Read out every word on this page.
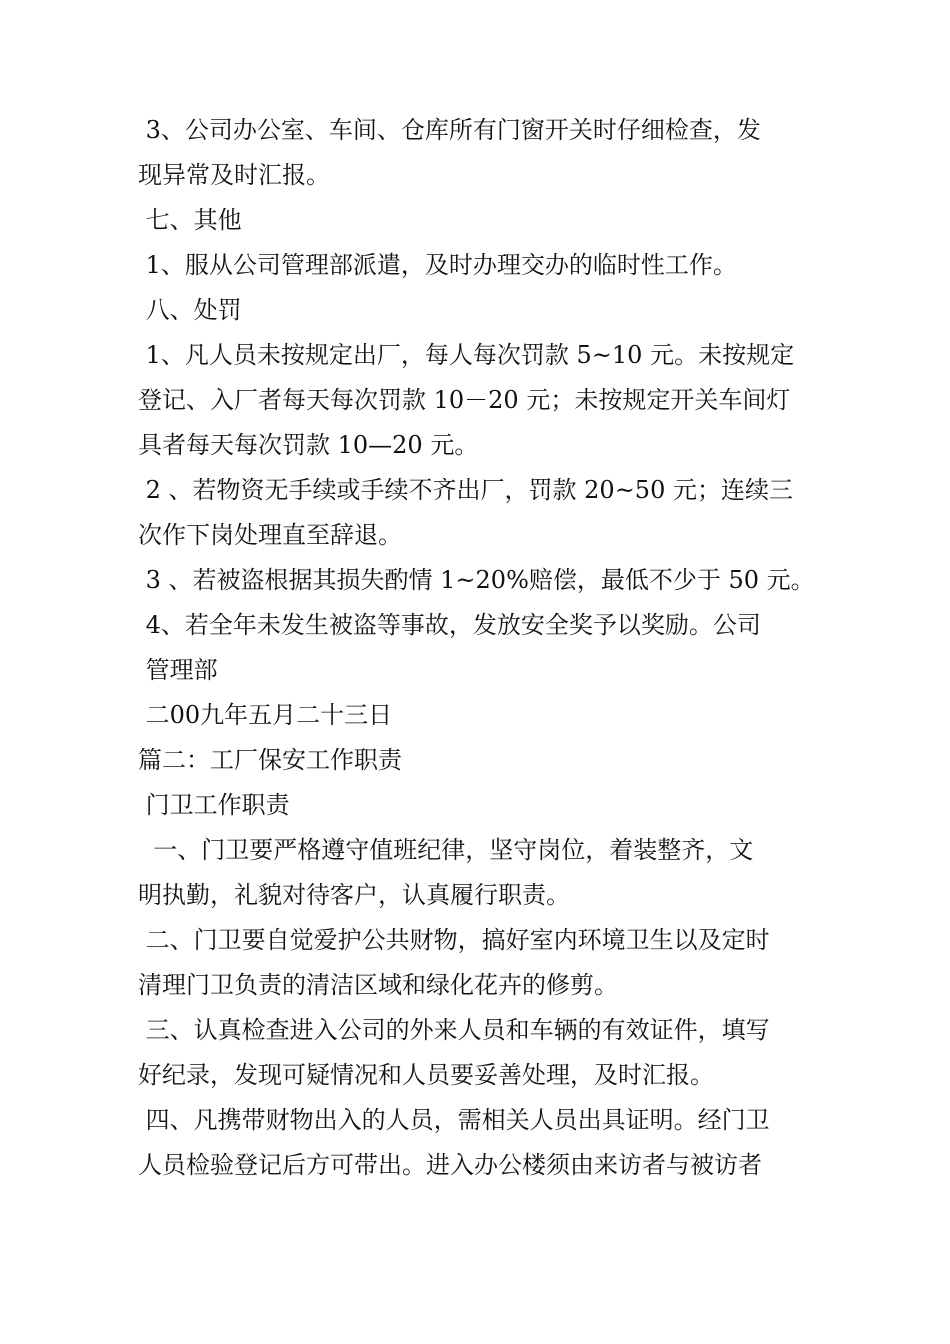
3、公司办公室、车间、仓库所有门窗开关时仔细检查，发
现异常及时汇报。
七、其他
1、服从公司管理部派遣，及时办理交办的临时性工作。
八、处罚
1、凡人员未按规定出厂，每人每次罚款 5~10 元。未按规定
登记、入厂者每天每次罚款 10－20 元；未按规定开关车间灯
具者每天每次罚款 10—20 元。
2 、若物资无手续或手续不齐出厂，罚款 20~50 元；连续三
次作下岗处理直至辞退。
3 、若被盗根据其损失酌情 1~20%赔偿，最低不少于 50 元。
4、若全年未发生被盗等事故，发放安全奖予以奖励。公司
管理部
二00九年五月二十三日
篇二：工厂保安工作职责
门卫工作职责
一、门卫要严格遵守值班纪律，坚守岗位，着装整齐，文
明执勤，礼貌对待客户，认真履行职责。
二、门卫要自觉爱护公共财物，搞好室内环境卫生以及定时
清理门卫负责的清洁区域和绿化花卉的修剪。
三、认真检查进入公司的外来人员和车辆的有效证件，填写
好纪录，发现可疑情况和人员要妥善处理，及时汇报。
四、凡携带财物出入的人员，需相关人员出具证明。经门卫
人员检验登记后方可带出。进入办公楼须由来访者与被访者
